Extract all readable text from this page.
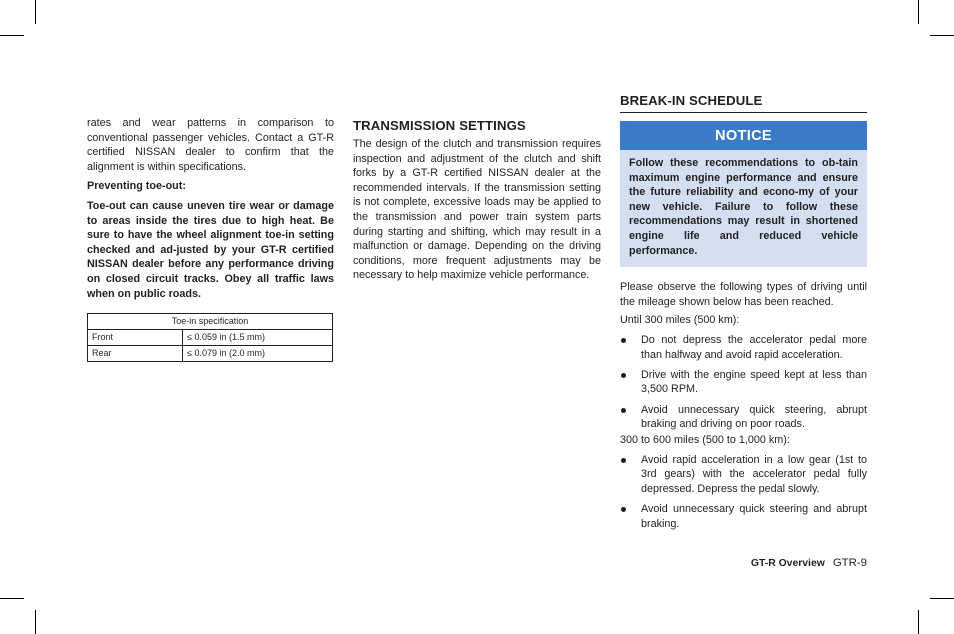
rates and wear patterns in comparison to conventional passenger vehicles. Contact a GT-R certified NISSAN dealer to confirm that the alignment is within specifications.

Preventing toe-out:

Toe-out can cause uneven tire wear or damage to areas inside the tires due to high heat. Be sure to have the wheel alignment toe-in setting checked and ad-justed by your GT-R certified NISSAN dealer before any performance driving on closed circuit tracks. Obey all traffic laws when on public roads.

Toe-in specification	
Front	≤ 0.059 in (1.5 mm)
Rear	≤ 0.079 in (2.0 mm)
TRANSMISSION SETTINGS

The design of the clutch and transmission requires inspection and adjustment of the clutch and shift forks by a GT-R certified NISSAN dealer at the recommended intervals. If the transmission setting is not complete, excessive loads may be applied to the transmission and power train system parts during starting and shifting, which may result in a malfunction or damage. Depending on the driving conditions, more frequent adjustments may be necessary to help maximize vehicle performance.

BREAK-IN SCHEDULE
NOTICE
Follow these recommendations to ob-tain maximum engine performance and ensure the future reliability and econo-my of your new vehicle. Failure to follow these recommendations may result in shortened engine life and reduced vehicle performance.

Please observe the following types of driving until the mileage shown below has been reached.

Until 300 miles (500 km):

Do not depress the accelerator pedal more than halfway and avoid rapid acceleration.
Drive with the engine speed kept at less than 3,500 RPM.
Avoid unnecessary quick steering, abrupt braking and driving on poor roads.

300 to 600 miles (500 to 1,000 km):

Avoid rapid acceleration in a low gear (1st to 3rd gears) with the accelerator pedal fully depressed. Depress the pedal slowly.
Avoid unnecessary quick steering and abrupt braking.
GT-R Overview GTR-9
